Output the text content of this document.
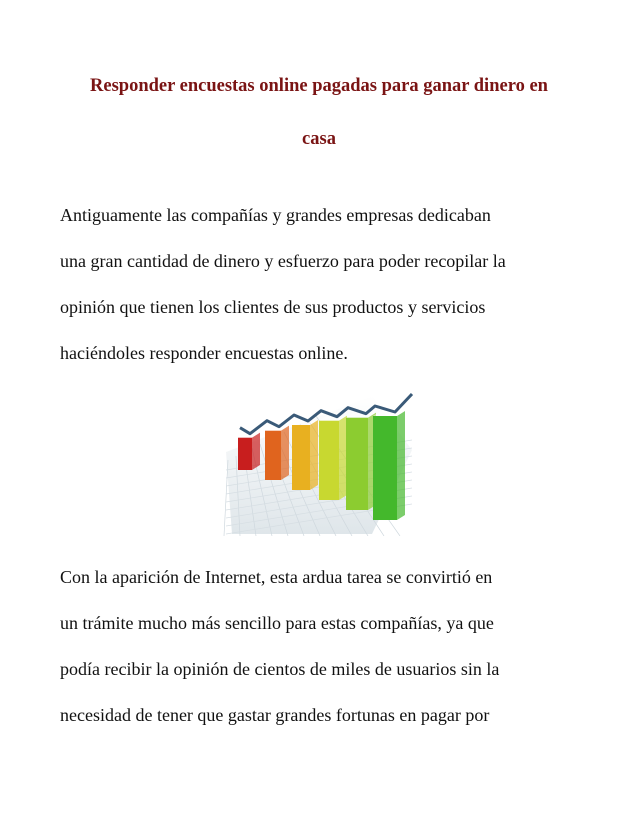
Responder encuestas online pagadas para ganar dinero en
casa

Antiguamente las compañías y grandes empresas dedicaban
una gran cantidad de dinero y esfuerzo para poder recopilar la
opinión que tienen los clientes de sus productos y servicios
haciéndoles responder encuestas online.

Con la aparición de Internet, esta ardua tarea se convirtió en
un trámite mucho más sencillo para estas compañías, ya que
podía recibir la opinión de cientos de miles de usuarios sin la
necesidad de tener que gastar grandes fortunas en pagar por
